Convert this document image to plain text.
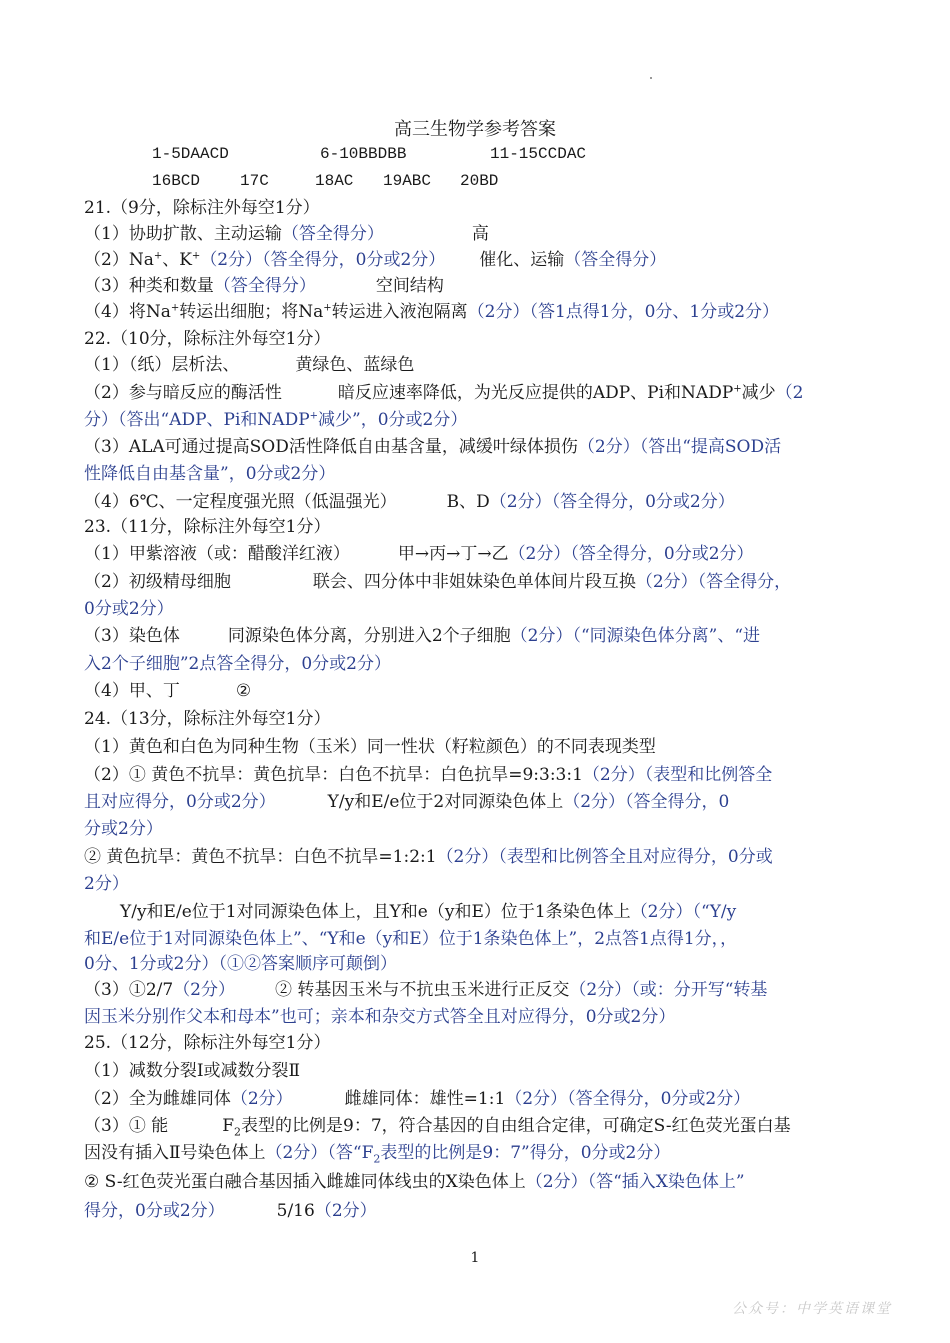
高三生物学参考答案
1-5DAACD	6-10BBDBB	11-15CCDAC
16BCD 17C	18AC 19ABC 20BD
21.（9分，除标注外每空1分）
（1）协助扩散、主动运输（答全得分）	高
（2）Na+、K+（2分）（答全得分，0分或2分） 催化、运输（答全得分）
（3）种类和数量（答全得分）	空间结构
（4）将Na+转运出细胞；将Na+转运进入液泡隔离（2分）（答1点得1分，0分、1分或2分）
22.（10分，除标注外每空1分）
（1）（纸）层析法、	黄绿色、蓝绿色
（2）参与暗反应的酶活性	暗反应速率降低，为光反应提供的ADP、Pi和NADP+减少（2
分）（答出“ADP、Pi和NADP+减少”，0分或2分）
（3）ALA可通过提高SOD活性降低自由基含量，减缓叶绿体损伤（2分）（答出“提高SOD活
性降低自由基含量”，0分或2分）
（4）6℃、一定程度强光照（低温强光）	B、D（2分）（答全得分，0分或2分）
23.（11分，除标注外每空1分）
（1）甲紫溶液（或：醋酸洋红液）	甲→丙→丁→乙（2分）（答全得分，0分或2分）
（2）初级精母细胞	联会、四分体中非姐妹染色单体间片段互换（2分）（答全得分，
0分或2分）
（3）染色体	同源染色体分离，分别进入2个子细胞（2分）（“同源染色体分离”、“进
入2个子细胞”2点答全得分，0分或2分）
（4）甲、丁	②
24.（13分，除标注外每空1分）
（1）黄色和白色为同种生物（玉米）同一性状（籽粒颜色）的不同表现类型
（2）① 黄色不抗旱：黄色抗旱：白色不抗旱：白色抗旱=9:3:3:1（2分）（表型和比例答全
且对应得分，0分或2分）	Y/y和E/e位于2对同源染色体上（2分）（答全得分，0
分或2分）
② 黄色抗旱：黄色不抗旱：白色不抗旱=1:2:1（2分）（表型和比例答全且对应得分，0分或
2分）
Y/y和E/e位于1对同源染色体上，且Y和e（y和E）位于1条染色体上（2分）（“Y/y
和E/e位于1对同源染色体上”、“Y和e（y和E）位于1条染色体上”，2点答1点得1分，，
0分、1分或2分）（①②答案顺序可颠倒）
（3）①2/7（2分） ② 转基因玉米与不抗虫玉米进行正反交（2分）（或：分开写“转基
因玉米分别作父本和母本”也可；亲本和杂交方式答全且对应得分，0分或2分）
25.（12分，除标注外每空1分）
（1）减数分裂Ⅰ或减数分裂Ⅱ
（2）全为雌雄同体（2分）	雌雄同体：雄性=1:1（2分）（答全得分，0分或2分）
（3）① 能	$F_2$表型的比例是9：7，符合基因的自由组合定律，可确定S-红色荧光蛋白基
因没有插入Ⅱ号染色体上（2分）（答“$F_2$表型的比例是9：7”得分，0分或2分）
② S-红色荧光蛋白融合基因插入雌雄同体线虫的X染色体上（2分）（答“插入X染色体上”
得分，0分或2分）	5/16（2分）
1
公众号：中学英语课堂
